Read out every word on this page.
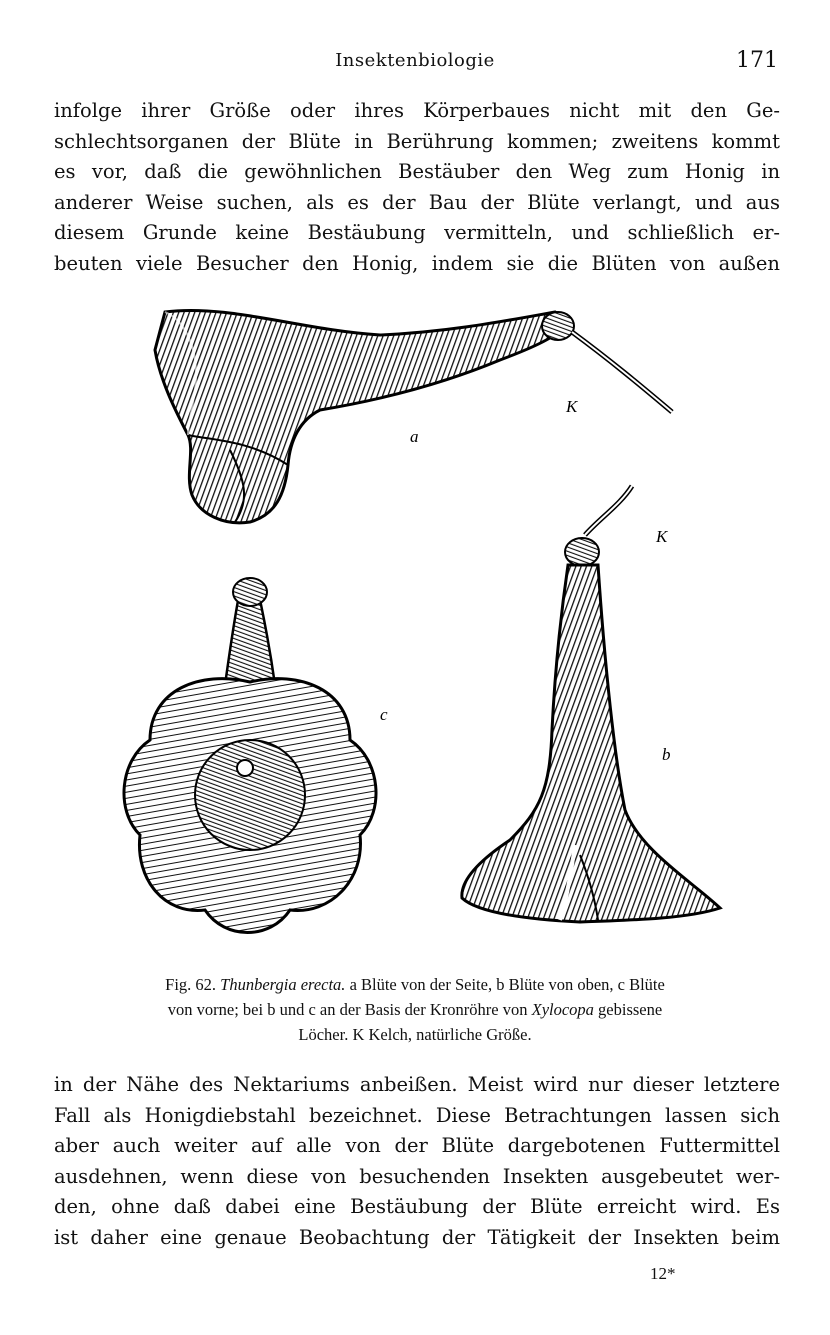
Insektenbiologie	171
infolge ihrer Größe oder ihres Körperbaues nicht mit den Ge-
schlechtsorganen der Blüte in Berührung kommen; zweitens kommt
es vor, daß die gewöhnlichen Bestäuber den Weg zum Honig in
anderer Weise suchen, als es der Bau der Blüte verlangt, und aus
diesem Grunde keine Bestäubung vermitteln, und schließlich er-
beuten viele Besucher den Honig, indem sie die Blüten von außen
K
a
K
c
b
Fig. 62. Thunbergia erecta. a Blüte von der Seite, b Blüte von oben, c Blüte
von vorne; bei b und c an der Basis der Kronröhre von Xylocopa gebissene
Löcher. K Kelch, natürliche Größe.
in der Nähe des Nektariums anbeißen. Meist wird nur dieser letztere
Fall als Honigdiebstahl bezeichnet. Diese Betrachtungen lassen sich
aber auch weiter auf alle von der Blüte dargebotenen Futtermittel
ausdehnen, wenn diese von besuchenden Insekten ausgebeutet wer-
den, ohne daß dabei eine Bestäubung der Blüte erreicht wird. Es
ist daher eine genaue Beobachtung der Tätigkeit der Insekten beim
12*
